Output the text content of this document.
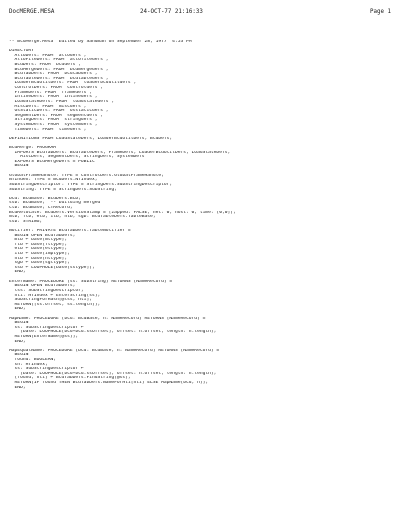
DocMERGE.MESA	24-OCT-77 21:16:33	Page 1
-- BcdMerge.Mesa  Edited by Sandman on September 28, 1977  4:53 PM
DIRECTORY
AltoDefs: FROM "altodefs",
AltoFileDefs: FROM "altofiledefs",
BcdDefs: FROM "bcddefs",
BcdMergeDefs: FROM "bcdmergedefs",
BcdTabDefs: FROM "bcdtabdefs",
BcdTableDefs: FROM "bcdtabledefs",
LoaderBcdUtilDefs: FROM "loaderbcdutildefs",
ControlDefs: FROM "controldefs",
FrameDefs: FROM "framedefs",
InlineDefs: FROM "inlinedefs",
LoadStateDefs: FROM "loadstatedefs",
MiscDefs: FROM "miscdefs",
OsStaticDefs: FROM "osstaticdefs",
SegmentDefs: FROM "segmentdefs",
StringDefs: FROM "stringdefs",
SystemDefs: FROM "systemdefs",
TimeDefs: FROM "timedefs";
DEFINITIONS FROM LoadStateDefs, LoaderBcdUtilDefs, BcdDefs;
BcdMerge: PROGRAM
IMPORTS BcdTabDefs: BcdTableDefs, FrameDefs, LoaderBcdUtilDefs, LoadStateDefs,
MiscDefs, SegmentDefs, StringDefs, SystemDefs
EXPORTS BcdMergeDefs = PUBLIC
BEGIN
GlobalFrameHandle: TYPE = ControlDefs.GlobalFrameHandle;
NTIndex: TYPE = BcdDefs.NTIndex;
SubStringDescriptor: TYPE = StringDefs.SubStringDescriptor;
SubString: TYPE = StringDefs.SubString;
bcd: BcdBase: BcdDefs.BCD;
ssb: BcdBase;  -- building merged
ctb: BcdBase; CTRecord;
BcdRelocate: BcdDefs.VersionStamp = [zapped: FALSE, net: 0, host: 0, time: [0,0]];
mtb, ftb, etb, itb, ntb, sgb: BcdTableDefs.TableBase;
ssb: STRING;
Notifier: PRIVATE BcdTabDefs.TableNotifier =
BEGIN OPEN BcdTabDefs;
mtb ← base[mttype];
ftb ← base[fttype];
etb ← base[ettype];
itb ← base[imptype];
ntb ← base[nttype];
sgb ← base[sgttype];
ssb ← LOOPHOLE[base[sstype]];
END;
EnterName: PROCEDURE [ss: SubString] RETURNS [NameRecord] =
BEGIN OPEN BcdTabDefs;
lss: SubStringDescriptor;
hti: HTIndex ← EnterString[ss];
SubStringForHash[@lss, hti];
RETURN[[ss.offset, ss.length]];
END;
MapName: PROCEDURE [bcd: BcdBase, n: NameRecord] RETURNS [NameRecord] =
BEGIN
ss: SubStringDescriptor ←
[base: LOOPHOLE[bcd+bcd.ssOffset], offset: n.offset, length: n.length];
RETURN[EnterName[@ss]];
END;
MapEqualName: PROCEDURE [bcd: BcdBase, n: NameRecord] RETURNS [NameRecord] =
BEGIN
found: BOOLEAN;
sn: HTIndex;
ss: SubStringDescriptor ←
[base: LOOPHOLE[bcd+bcd.ssOffset], offset: n.offset, length: n.length];
[found, hti] ← BcdTabDefs.FindString[@ss];
RETURN[IF found THEN BcdTabDefs.NameForHti[hti] ELSE MapName[bcd, n]];
END;
